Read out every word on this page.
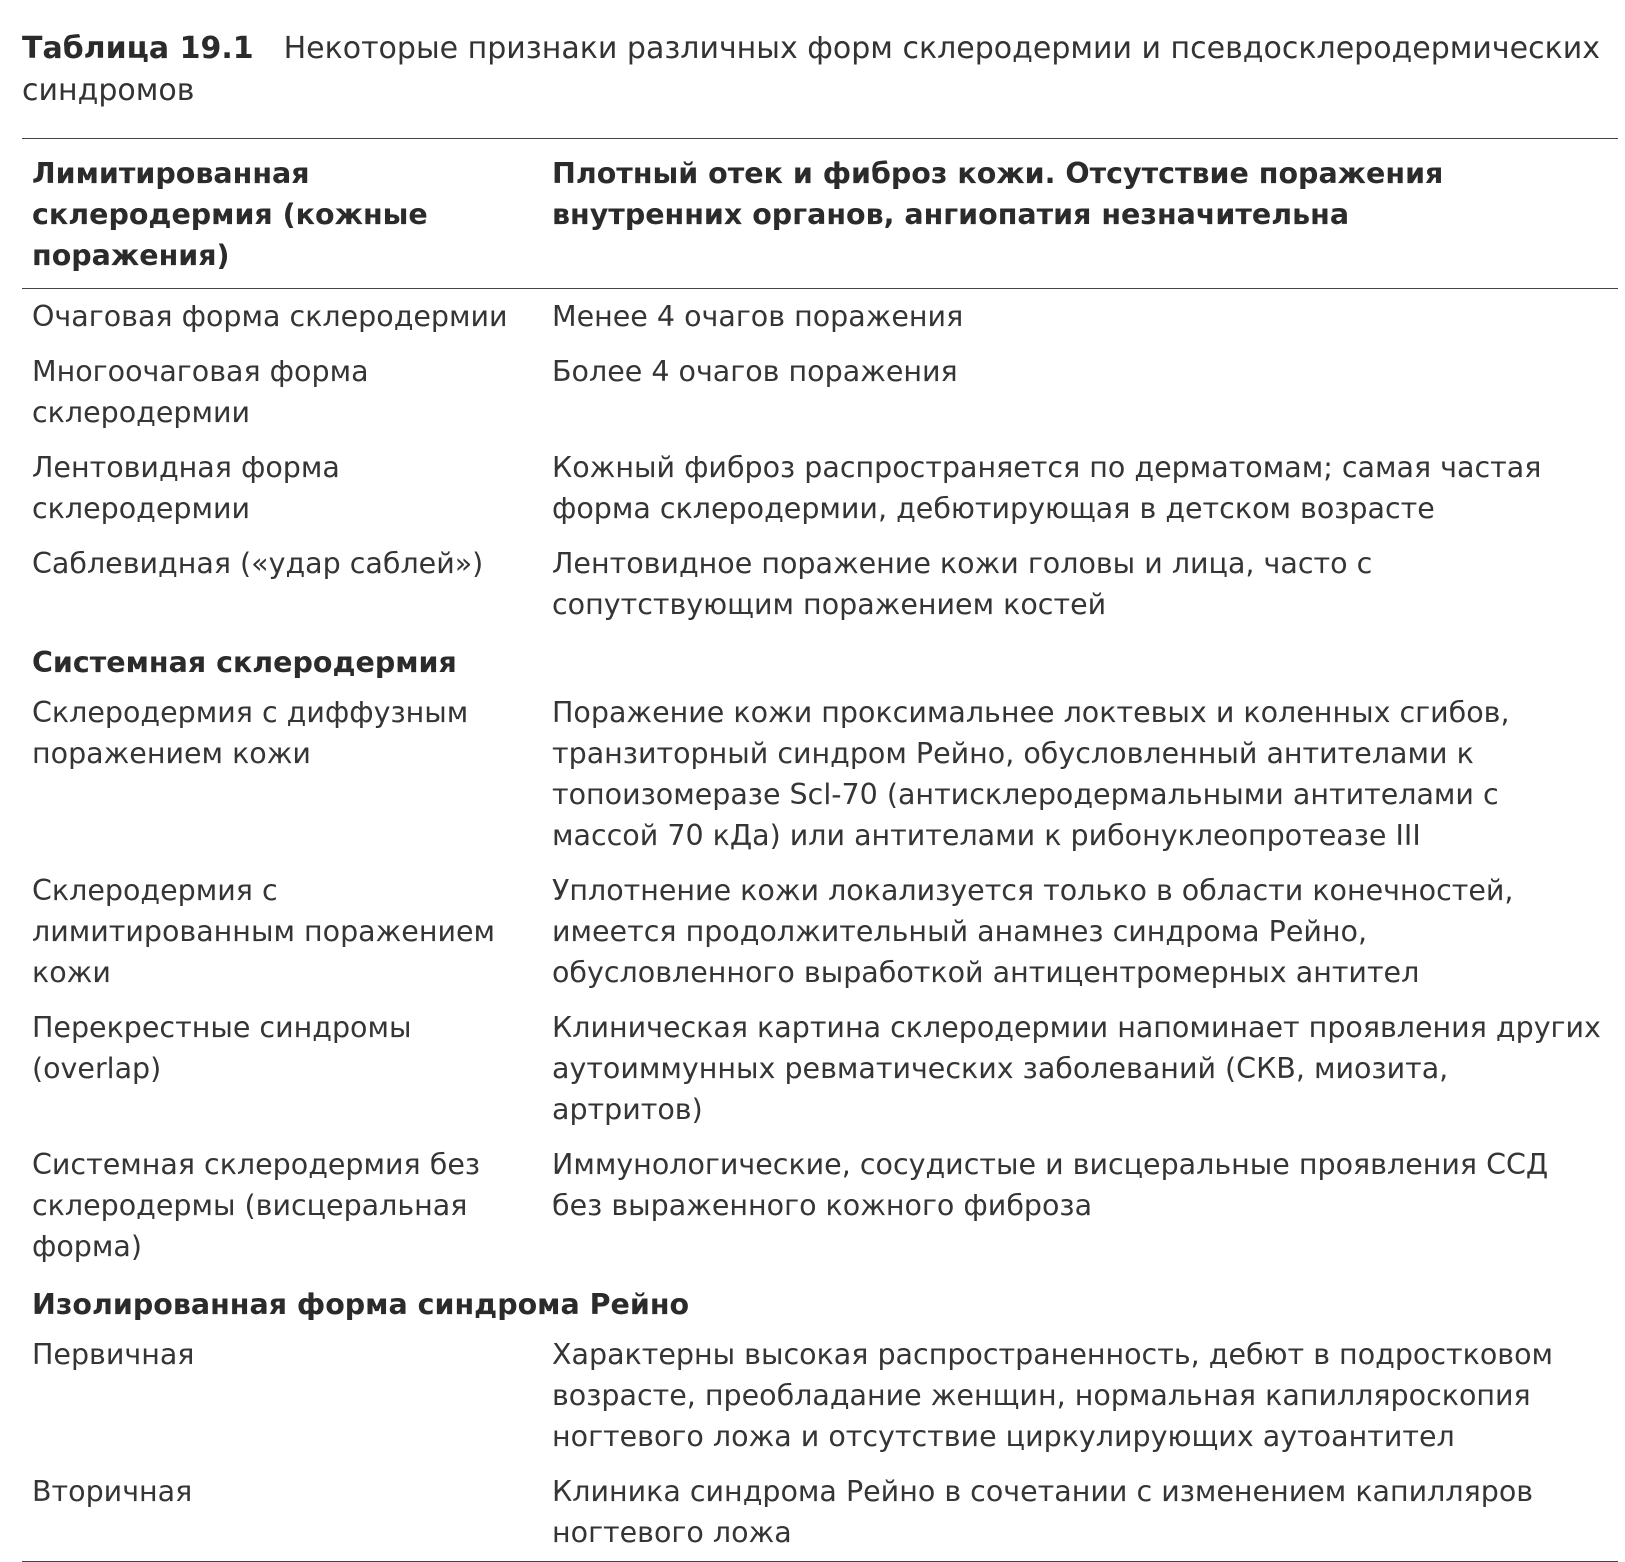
Таблица 19.1 Некоторые признаки различных форм склеродермии и псевдосклеродермических синдромов
Лимитированная склеродермия (кожные поражения)	Плотный отек и фиброз кожи. Отсутствие поражения внутренних органов, ангиопатия незначительна
Очаговая форма склеродермии	Менее 4 очагов поражения
Многоочаговая форма склеродермии	Более 4 очагов поражения
Лентовидная форма склеродермии	Кожный фиброз распространяется по дерматомам; самая частая форма склеродермии, дебютирующая в детском возрасте
Саблевидная («удар саблей»)	Лентовидное поражение кожи головы и лица, часто с сопутствующим поражением костей
Системная склеродермия	
Склеродермия с диффузным поражением кожи	Поражение кожи проксимальнее локтевых и коленных сгибов, транзиторный синдром Рейно, обусловленный антителами к топоизомеразе Scl-70 (антисклеродермальными антителами с массой 70 кДа) или антителами к рибонуклеопротеазе III
Склеродермия с лимитированным поражением кожи	Уплотнение кожи локализуется только в области конечностей, имеется продолжительный анамнез синдрома Рейно, обусловленного выработкой антицентромерных антител
Перекрестные синдромы (overlap)	Клиническая картина склеродермии напоминает проявления других аутоиммунных ревматических заболеваний (СКВ, миозита, артритов)
Системная склеродермия без склеродермы (висцеральная форма)	Иммунологические, сосудистые и висцеральные проявления ССД без выраженного кожного фиброза
Изолированная форма синдрома Рейно	
Первичная	Характерны высокая распространенность, дебют в подростковом возрасте, преобладание женщин, нормальная капилляроскопия ногтевого ложа и отсутствие циркулирующих аутоантител
Вторичная	Клиника синдрома Рейно в сочетании с изменением капилляров ногтевого ложа
